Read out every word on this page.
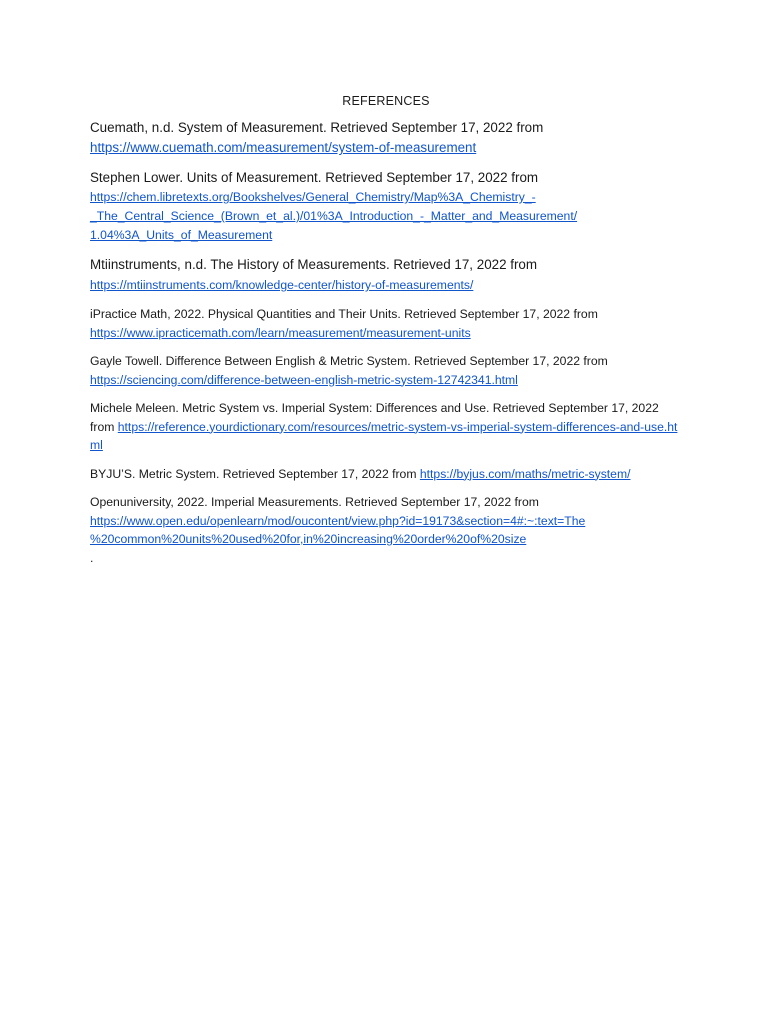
REFERENCES
Cuemath, n.d. System of Measurement. Retrieved September 17, 2022 from
https://www.cuemath.com/measurement/system-of-measurement
Stephen Lower. Units of Measurement. Retrieved September 17, 2022 from
https://chem.libretexts.org/Bookshelves/General_Chemistry/Map%3A_Chemistry_-
_The_Central_Science_(Brown_et_al.)/01%3A_Introduction_-_Matter_and_Measurement/
1.04%3A_Units_of_Measurement
Mtiinstruments, n.d. The History of Measurements. Retrieved 17, 2022 from
https://mtiinstruments.com/knowledge-center/history-of-measurements/
iPractice Math, 2022. Physical Quantities and Their Units. Retrieved September 17, 2022 from
https://www.ipracticemath.com/learn/measurement/measurement-units
Gayle Towell. Difference Between English & Metric System. Retrieved September 17, 2022 from
https://sciencing.com/difference-between-english-metric-system-12742341.html
Michele Meleen. Metric System vs. Imperial System: Differences and Use. Retrieved September 17, 2022 from https://reference.yourdictionary.com/resources/metric-system-vs-imperial-system-differences-and-use.html
BYJU’S. Metric System. Retrieved September 17, 2022 from https://byjus.com/maths/metric-system/
Openuniversity, 2022. Imperial Measurements. Retrieved September 17, 2022 from
https://www.open.edu/openlearn/mod/oucontent/view.php?id=19173&section=4#:~:text=The
%20common%20units%20used%20for,in%20increasing%20order%20of%20size
.
